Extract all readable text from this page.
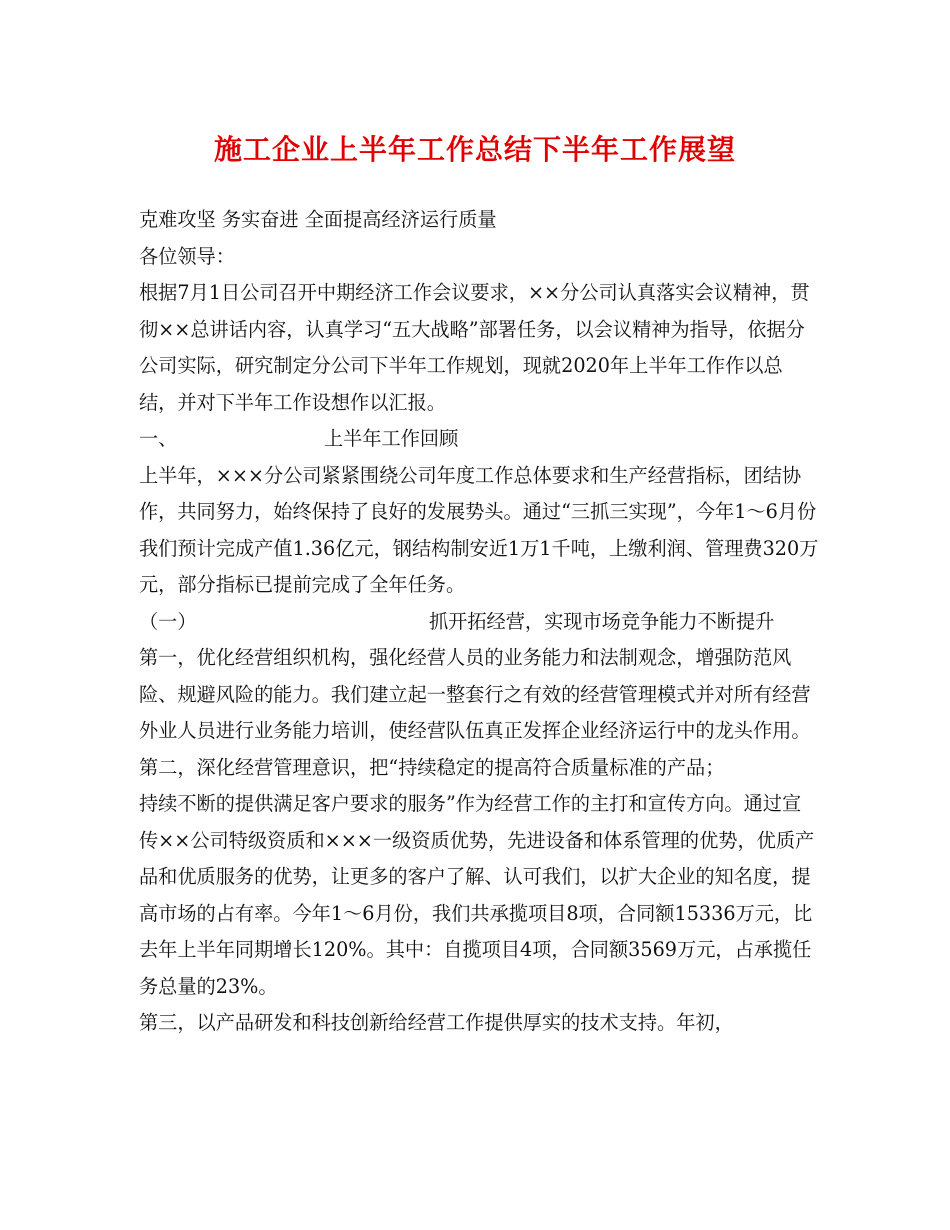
施工企业上半年工作总结下半年工作展望

克难攻坚 务实奋进 全面提高经济运行质量

各位领导：

根据7月1日公司召开中期经济工作会议要求，××分公司认真落实会议精神，贯彻××总讲话内容，认真学习“五大战略”部署任务，以会议精神为指导，依据分公司实际，研究制定分公司下半年工作规划，现就2020年上半年工作作以总结，并对下半年工作设想作以汇报。

一、	上半年工作回顾

上半年，×××分公司紧紧围绕公司年度工作总体要求和生产经营指标，团结协作，共同努力，始终保持了良好的发展势头。通过“三抓三实现”，今年1～6月份我们预计完成产值1.36亿元，钢结构制安近1万1千吨，上缴利润、管理费320万元，部分指标已提前完成了全年任务。

（一）	抓开拓经营，实现市场竞争能力不断提升

第一，优化经营组织机构，强化经营人员的业务能力和法制观念，增强防范风险、规避风险的能力。我们建立起一整套行之有效的经营管理模式并对所有经营外业人员进行业务能力培训，使经营队伍真正发挥企业经济运行中的龙头作用。

第二，深化经营管理意识，把“持续稳定的提高符合质量标准的产品；

持续不断的提供满足客户要求的服务”作为经营工作的主打和宣传方向。通过宣传××公司特级资质和×××一级资质优势，先进设备和体系管理的优势，优质产品和优质服务的优势，让更多的客户了解、认可我们，以扩大企业的知名度，提高市场的占有率。今年1～6月份，我们共承揽项目8项，合同额15336万元，比去年上半年同期增长120%。其中：自揽项目4项，合同额3569万元，占承揽任务总量的23%。

第三，以产品研发和科技创新给经营工作提供厚实的技术支持。年初，
